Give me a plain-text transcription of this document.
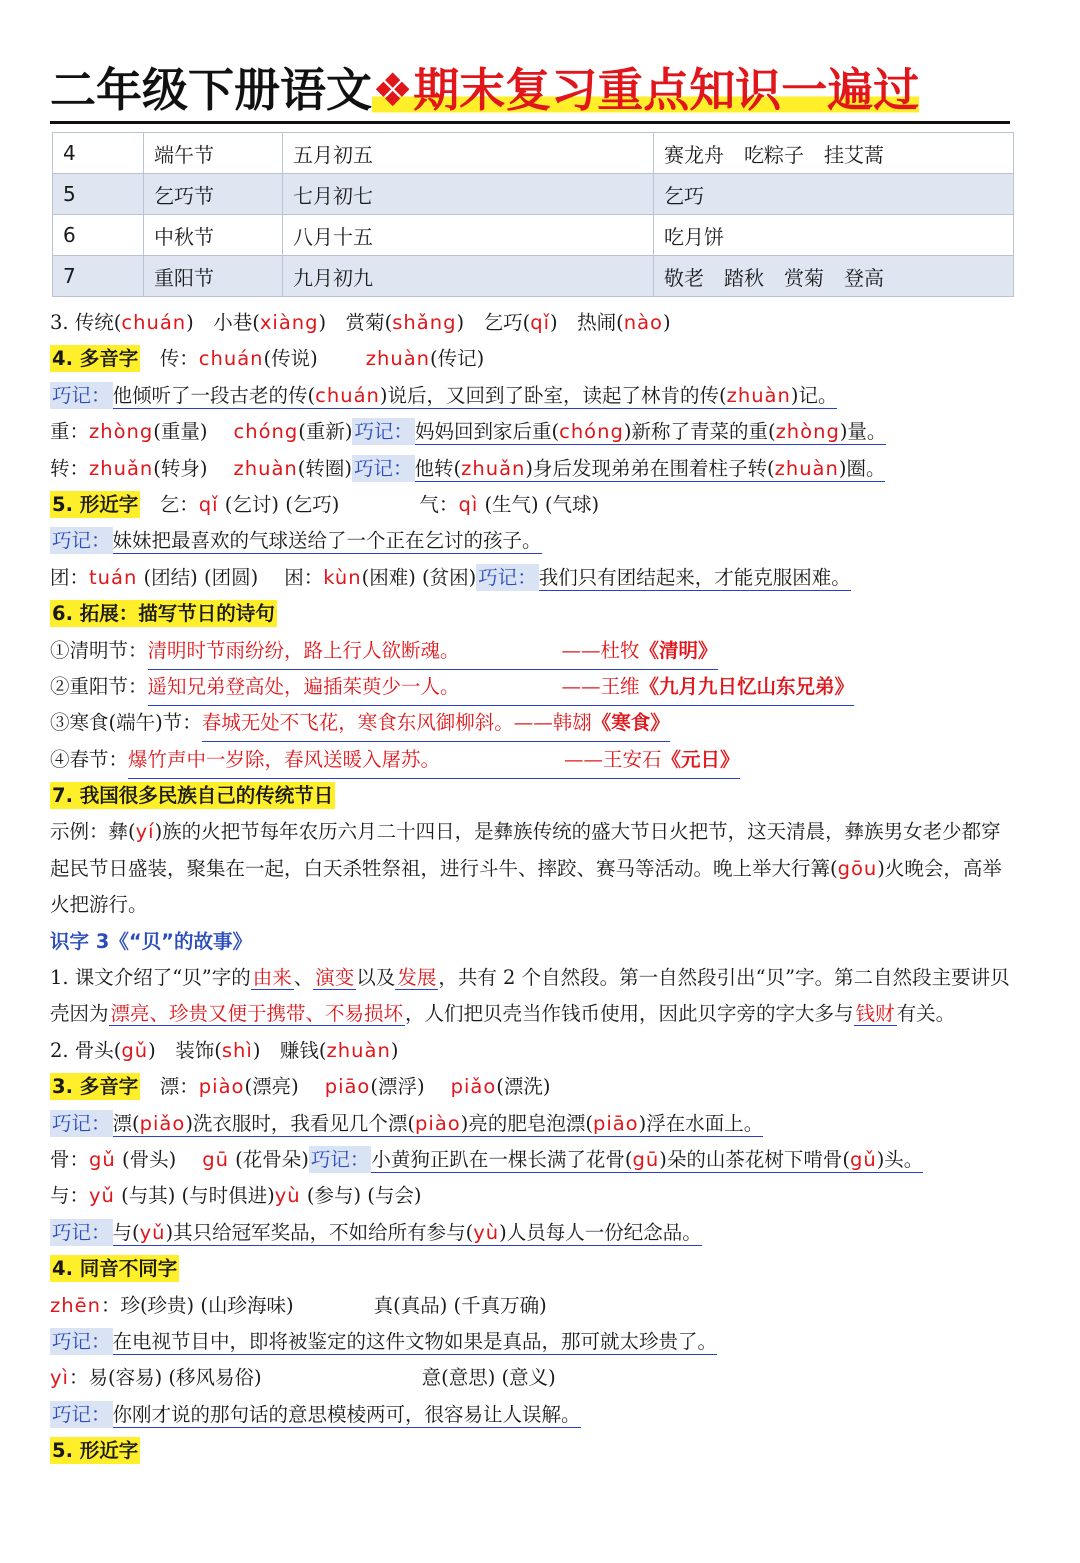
二年级下册语文❖期末复习重点知识一遍过
4	端午节	五月初五	赛龙舟　吃粽子　挂艾蒿
5	乞巧节	七月初七	乞巧
6	中秋节	八月十五	吃月饼
7	重阳节	九月初九	敬老　踏秋　赏菊　登高
3. 传统(chuán)　小巷(xiàng)　赏菊(shǎng)　乞巧(qǐ)　热闹(nào)
4. 多音字　传：chuán(传说) zhuàn(传记)
巧记： 他倾听了一段古老的传(chuán)说后，又回到了卧室，读起了林肯的传(zhuàn)记。
重：zhòng(重量) chóng(重新) 巧记： 妈妈回到家后重(chóng)新称了青菜的重(zhòng)量。
转：zhuǎn(转身) zhuàn(转圈) 巧记： 他转(zhuǎn)身后发现弟弟在围着柱子转(zhuàn)圈。
5. 形近字　乞：qǐ (乞讨) (乞巧)	气：qì (生气) (气球)
巧记： 妹妹把最喜欢的气球送给了一个正在乞讨的孩子。
团：tuán (团结) (团圆) 困：kùn(困难) (贫困) 巧记： 我们只有团结起来，才能克服困难。
6. 拓展：描写节日的诗句
①清明节：清明时节雨纷纷，路上行人欲断魂。	——杜牧《清明》
②重阳节：遥知兄弟登高处，遍插茱萸少一人。	——王维《九月九日忆山东兄弟》
③寒食(端午)节：春城无处不飞花，寒食东风御柳斜。——韩翃《寒食》
④春节：爆竹声中一岁除，春风送暖入屠苏。	——王安石《元日》
7. 我国很多民族自己的传统节日
示例：彝(yí)族的火把节每年农历六月二十四日，是彝族传统的盛大节日火把节，这天清晨，彝族男女老少都穿起民节日盛装，聚集在一起，白天杀牲祭祖，进行斗牛、摔跤、赛马等活动。晚上举大行篝(gōu)火晚会，高举火把游行。
识字 3《“贝”的故事》
1. 课文介绍了“贝”字的 由来 、 演变 以及 发展 ，共有 2 个自然段。第一自然段引出“贝”字。第二自然段主要讲贝壳因为 漂亮、珍贵又便于携带、不易损坏 ，人们把贝壳当作钱币使用，因此贝字旁的字大多与 钱财 有关。
2. 骨头(gǔ)　装饰(shì)　赚钱(zhuàn)
3. 多音字　漂：piào(漂亮) piāo(漂浮) piǎo(漂洗)
巧记： 漂(piǎo)洗衣服时，我看见几个漂(piào)亮的肥皂泡漂(piāo)浮在水面上。
骨：gǔ (骨头) gū (花骨朵) 巧记： 小黄狗正趴在一棵长满了花骨(gū)朵的山茶花树下啃骨(gǔ)头。
与：yǔ (与其) (与时俱进)yù (参与) (与会)
巧记： 与(yǔ)其只给冠军奖品，不如给所有参与(yù)人员每人一份纪念品。
4. 同音不同字
zhēn：珍(珍贵) (山珍海味)	真(真品) (千真万确)
巧记： 在电视节目中，即将被鉴定的这件文物如果是真品，那可就太珍贵了。
yì：易(容易) (移风易俗)	意(意思) (意义)
巧记： 你刚才说的那句话的意思模棱两可，很容易让人误解。
5. 形近字
